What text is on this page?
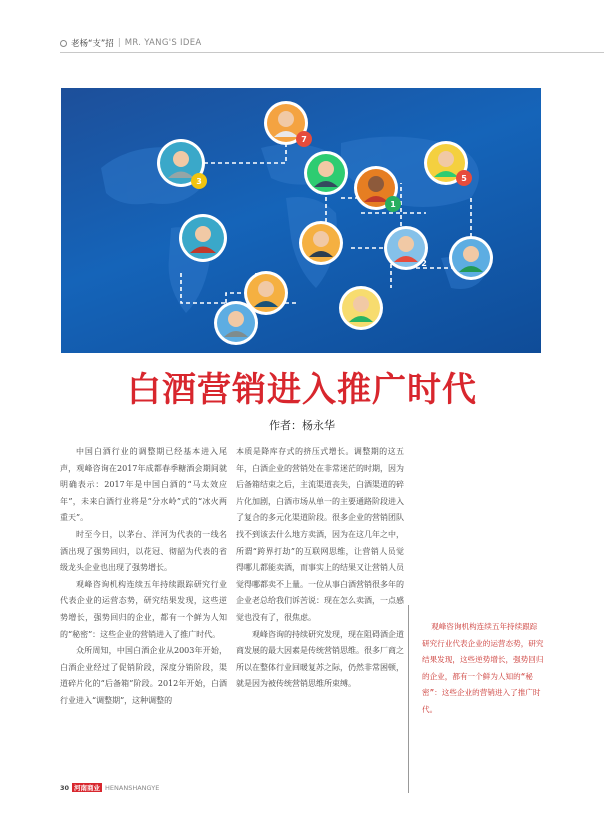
老杨“支”招 | MR. YANG'S IDEA
7
3
1
5
2
白酒营销进入推广时代
作者：杨永华

中国白酒行业的调整期已经基本进入尾声，观峰咨询在2017年成都春季糖酒会期间就明确表示：2017年是中国白酒的“马太效应年”，未来白酒行业将是“分水岭”式的“冰火两重天”。

时至今日，以茅台、洋河为代表的一线名酒出现了强势回归，以花冠、彻韶为代表的省级龙头企业也出现了强势增长。

观峰咨询机构连续五年持续跟踪研究行业代表企业的运营态势，研究结果发现，这些逆势增长，强势回归的企业，都有一个鲜为人知的“秘密”：这些企业的营销进入了推广时代。

众所周知，中国白酒企业从2003年开始，白酒企业经过了促销阶段，深度分销阶段，渠道碎片化的“后备箱”阶段。2012年开始，白酒行业进入“调整期”，这种调整的

本质是降库存式的挤压式增长。调整期的这五年，白酒企业的营销处在非常迷茫的时期，因为后备箱结束之后，主流渠道丧失，白酒渠道的碎片化加剧，白酒市场从单一的主要通路阶段进入了复合的多元化渠道阶段。很多企业的营销团队找不到该去什么地方卖酒，因为在这几年之中，所谓“跨界打劫”的互联网思维，让营销人员觉得哪儿都能卖酒，而事实上的结果又让营销人员觉得哪都卖不上量。一位从事白酒营销很多年的企业老总给我们诉苦说：现在怎么卖酒，一点感觉也没有了，很焦虑。

观峰咨询的持续研究发现，现在阻碍酒企道商发展的最大因素是传统营销思维。很多厂商之所以在整体行业回暖复苏之际，仍然非常困顿，就是因为被传统营销思维所束缚。

观峰咨询机构连续五年持续跟踪研究行业代表企业的运营态势，研究结果发现，这些逆势增长，强势回归的企业，都有一个鲜为人知的“秘密”：这些企业的营销进入了推广时代。
30 河南商业 HENANSHANGYE
